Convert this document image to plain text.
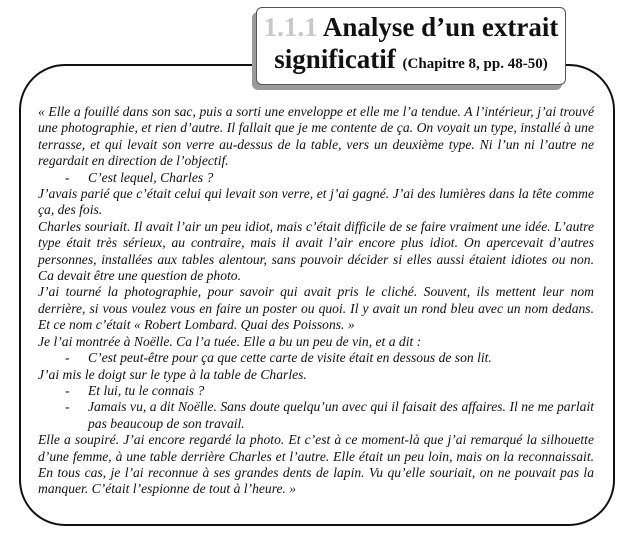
1.1.1 Analyse d’un extrait
significatif (Chapitre 8, pp. 48-50)

« Elle a fouillé dans son sac, puis a sorti une enveloppe et elle me l’a tendue. A l’intérieur, j’ai trouvé une photographie, et rien d’autre. Il fallait que je me contente de ça. On voyait un type, installé à une terrasse, et qui levait son verre au-dessus de la table, vers un deuxième type. Ni l’un ni l’autre ne regardait en direction de l’objectif.

-	C’est lequel, Charles ?

J’avais parié que c’était celui qui levait son verre, et j’ai gagné. J’ai des lumières dans la tête comme ça, des fois.

Charles souriait. Il avait l’air un peu idiot, mais c’était difficile de se faire vraiment une idée. L’autre type était très sérieux, au contraire, mais il avait l’air encore plus idiot. On apercevait d’autres personnes, installées aux tables alentour, sans pouvoir décider si elles aussi étaient idiotes ou non. Ca devait être une question de photo.

J’ai tourné la photographie, pour savoir qui avait pris le cliché. Souvent, ils mettent leur nom derrière, si vous voulez vous en faire un poster ou quoi. Il y avait un rond bleu avec un nom dedans. Et ce nom c’était « Robert Lombard. Quai des Poissons. »

Je l’ai montrée à Noëlle. Ca l’a tuée. Elle a bu un peu de vin, et a dit :

-	C’est peut-être pour ça que cette carte de visite était en dessous de son lit.

J’ai mis le doigt sur le type à la table de Charles.

-	Et lui, tu le connais ?
-	Jamais vu, a dit Noëlle. Sans doute quelqu’un avec qui il faisait des affaires. Il ne me parlait pas beaucoup de son travail.

Elle a soupiré. J’ai encore regardé la photo. Et c’est à ce moment-là que j’ai remarqué la silhouette d’une femme, à une table derrière Charles et l’autre. Elle était un peu loin, mais on la reconnaissait. En tous cas, je l’ai reconnue à ses grandes dents de lapin. Vu qu’elle souriait, on ne pouvait pas la manquer. C’était l’espionne de tout à l’heure. »
